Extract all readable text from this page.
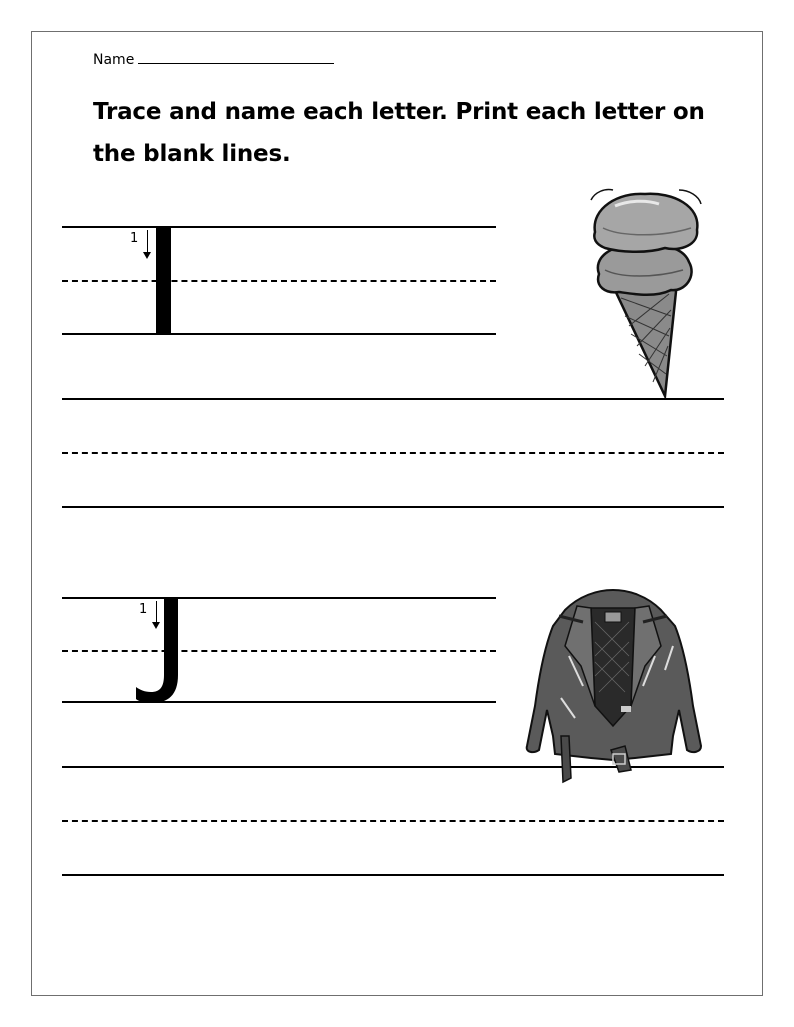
Name
Trace and name each letter. Print each letter on the blank lines.
1
1
